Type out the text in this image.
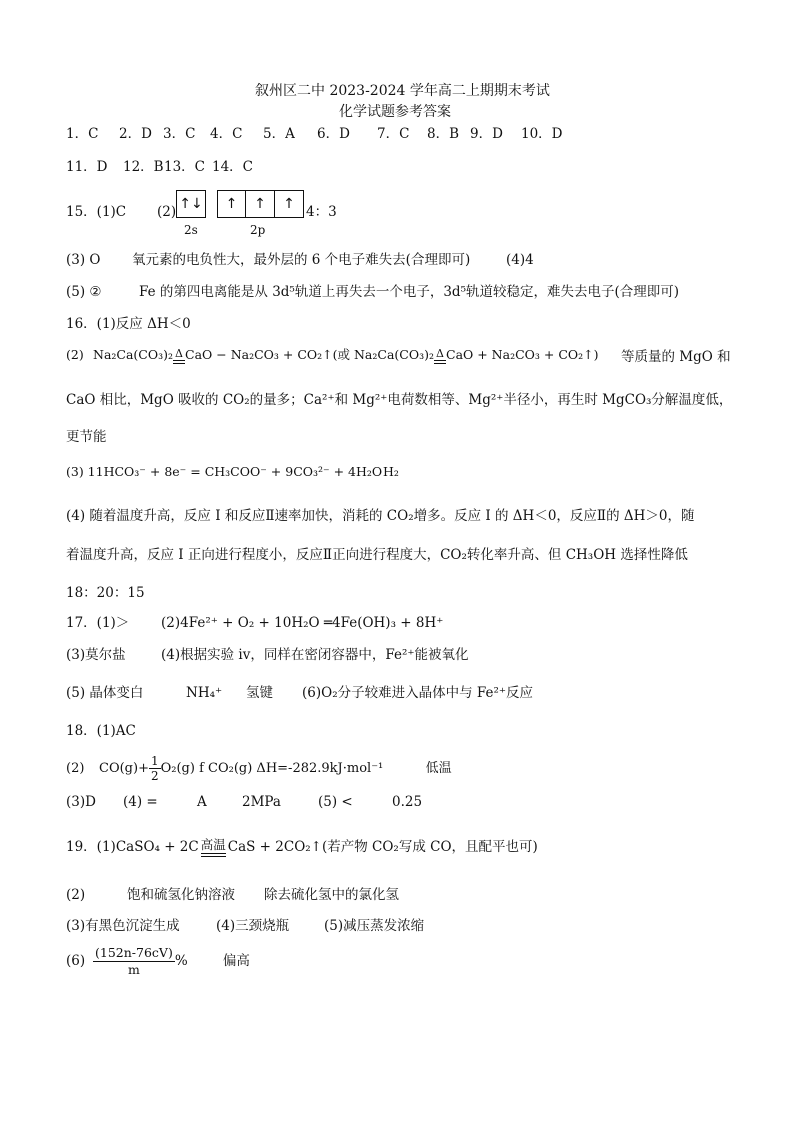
叙州区二中 2023-2024 学年高二上期期末考试
化学试题参考答案
1．C 2．D 3．C 4．C 5．A 6．D 7．C 8．B 9．D 10．D
11．D 12．B13．C 14．C
15．(1)C (2) ↑↓	↑	↑	↑ 4：3
2s	2p
(3) O 氧元素的电负性大，最外层的 6 个电子难失去(合理即可)	(4)4
(5) ②	Fe 的第四电离能是从 3d⁵轨道上再失去一个电子，3d⁵轨道较稳定，难失去电子(合理即可)
16．(1)反应 ΔH＜0
(2) Na₂Ca(CO₃)₂ Δ CaO − Na₂CO₃ + CO₂↑(或 Na₂Ca(CO₃)₂ Δ CaO + Na₂CO₃ + CO₂↑) 等质量的 MgO 和
CaO 相比，MgO 吸收的 CO₂的量多；Ca²⁺和 Mg²⁺电荷数相等、Mg²⁺半径小，再生时 MgCO₃分解温度低，
更节能
(3) 11HCO₃⁻ + 8e⁻ = CH₃COO⁻ + 9CO₃²⁻ + 4H₂OH₂
(4) 随着温度升高，反应 I 和反应Ⅱ速率加快，消耗的 CO₂增多。反应 I 的 ΔH＜0，反应Ⅱ的 ΔH＞0，随
着温度升高，反应 I 正向进行程度小，反应Ⅱ正向进行程度大，CO₂转化率升高、但 CH₃OH 选择性降低
18：20：15
17．(1)＞ (2)4Fe²⁺ + O₂ + 10H₂O ═4Fe(OH)₃ + 8H⁺
(3)莫尔盐	(4)根据实验 iv，同样在密闭容器中，Fe²⁺能被氧化
(5) 晶体变白	NH₄⁺ 氢键 (6)O₂分子较难进入晶体中与 Fe²⁺反应
18．(1)AC
(2) $CO(g)+ \frac{1}{2} O_2(g)$ f CO₂(g) ΔH=-282.9kJ·mol⁻¹	低温
(3)D (4) =	A	2MPa	(5) <	0.25
19．(1)CaSO₄ + 2C 高温 CaS + 2CO₂↑(若产物 CO₂写成 CO，且配平也可)
(2)	饱和硫氢化钠溶液 除去硫化氢中的氯化氢
(3)有黑色沉淀生成	(4)三颈烧瓶	(5)减压蒸发浓缩
$(6) \frac{(152n-76cV)}{m}$ %	偏高
